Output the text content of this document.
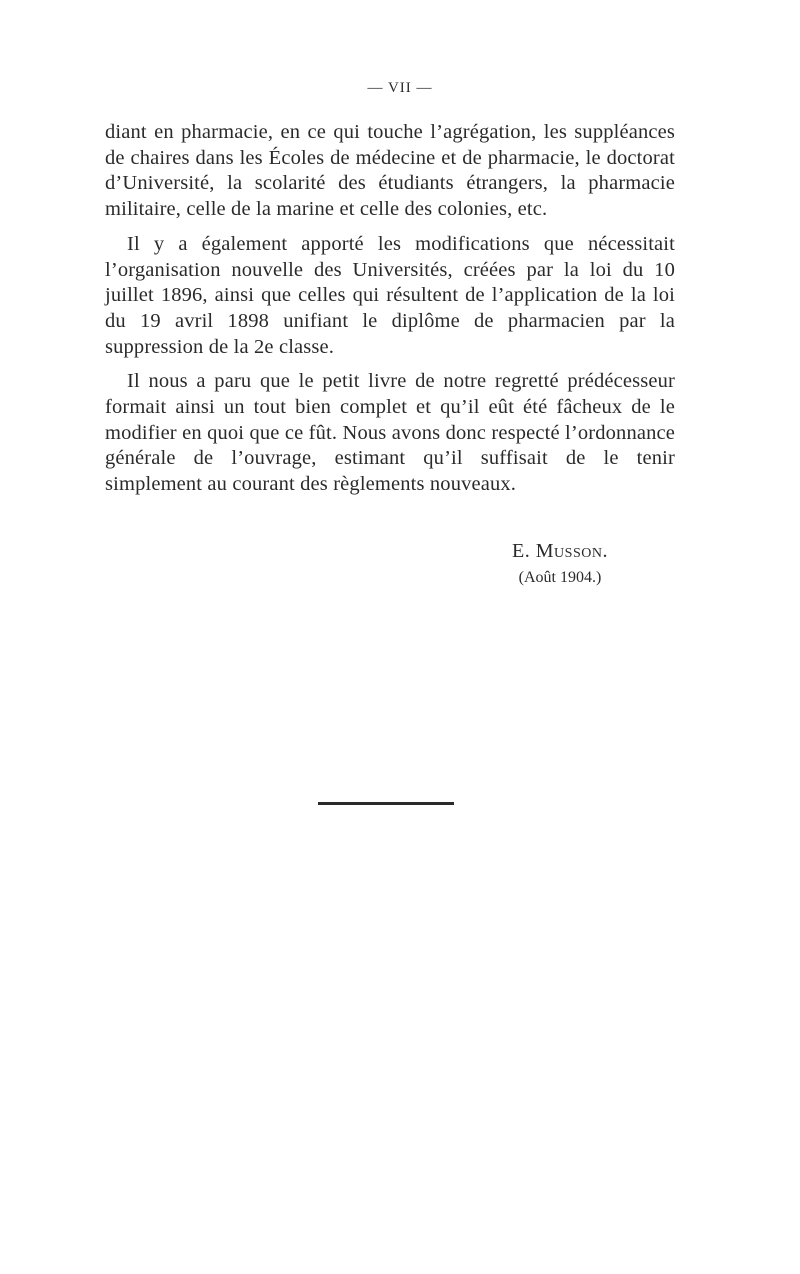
— VII —

diant en pharmacie, en ce qui touche l’agrégation, les suppléances de chaires dans les Écoles de médecine et de pharmacie, le doctorat d’Université, la scolarité des étudiants étrangers, la pharmacie militaire, celle de la marine et celle des colonies, etc.

Il y a également apporté les modifications que nécessitait l’organisation nouvelle des Universités, créées par la loi du 10 juillet 1896, ainsi que celles qui résultent de l’application de la loi du 19 avril 1898 unifiant le diplôme de pharmacien par la suppression de la 2e classe.

Il nous a paru que le petit livre de notre regretté prédécesseur formait ainsi un tout bien complet et qu’il eût été fâcheux de le modifier en quoi que ce fût. Nous avons donc respecté l’ordonnance générale de l’ouvrage, estimant qu’il suffisait de le tenir simplement au courant des règlements nouveaux.

E. Musson.
(Août 1904.)
